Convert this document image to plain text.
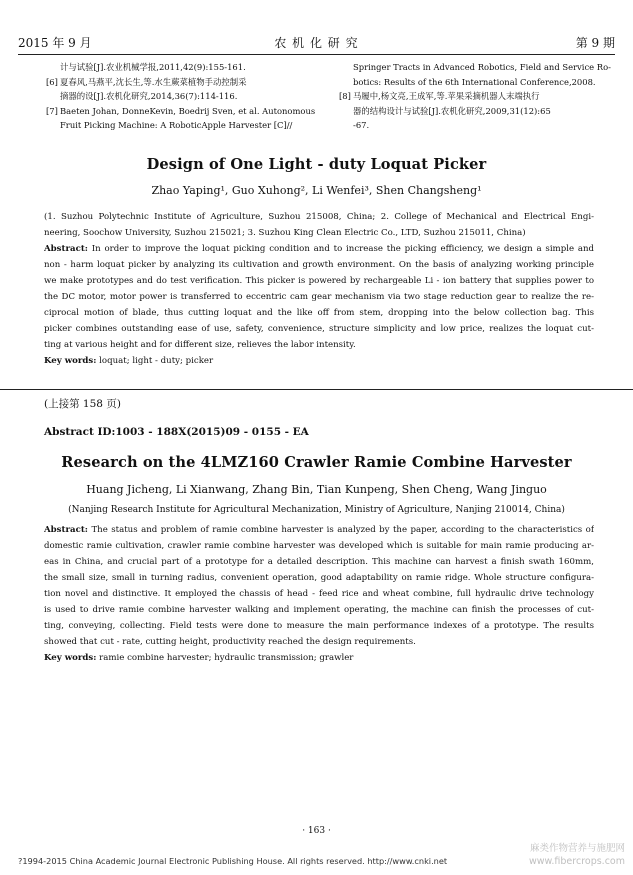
2015 年 9 月	农 机 化 研 究	第 9 期
计与试验[J].农业机械学报,2011,42(9):155-161.
[6] 夏春风,马燕平,沈长生,等.水生蕨菜植物手动控制采
摘器的设[J].农机化研究,2014,36(7):114-116.
[7] Baeten Johan, DonneKevin, Boedrij Sven, et al. Autonomous
Fruit Picking Machine: A RoboticApple Harvester [C]//
Springer Tracts in Advanced Robotics, Field and Service Ro-
botics: Results of the 6th International Conference,2008.
[8] 马履中,杨文亮,王成军,等.苹果采摘机器人末端执行
器的结构设计与试验[J].农机化研究,2009,31(12):65
-67.
Design of One Light - duty Loquat Picker
Zhao Yaping¹, Guo Xuhong², Li Wenfei³, Shen Changsheng¹
(1. Suzhou Polytechnic Institute of Agriculture, Suzhou 215008, China; 2. College of Mechanical and Electrical Engi-
neering, Soochow University, Suzhou 215021; 3. Suzhou King Clean Electric Co., LTD, Suzhou 215011, China)
Abstract: In order to improve the loquat picking condition and to increase the picking efficiency, we design a simple and
non - harm loquat picker by analyzing its cultivation and growth environment. On the basis of analyzing working principle
we make prototypes and do test verification. This picker is powered by rechargeable Li - ion battery that supplies power to
the DC motor, motor power is transferred to eccentric cam gear mechanism via two stage reduction gear to realize the re-
ciprocal motion of blade, thus cutting loquat and the like off from stem, dropping into the below collection bag. This
picker combines outstanding ease of use, safety, convenience, structure simplicity and low price, realizes the loquat cut-
ting at various height and for different size, relieves the labor intensity.
Key words: loquat; light - duty; picker
(上接第 158 页)
Abstract ID:1003 - 188X(2015)09 - 0155 - EA
Research on the 4LMZ160 Crawler Ramie Combine Harvester
Huang Jicheng, Li Xianwang, Zhang Bin, Tian Kunpeng, Shen Cheng, Wang Jinguo
(Nanjing Research Institute for Agricultural Mechanization, Ministry of Agriculture, Nanjing 210014, China)
Abstract: The status and problem of ramie combine harvester is analyzed by the paper, according to the characteristics of
domestic ramie cultivation, crawler ramie combine harvester was developed which is suitable for main ramie producing ar-
eas in China, and crucial part of a prototype for a detailed description. This machine can harvest a finish swath 160mm,
the small size, small in turning radius, convenient operation, good adaptability on ramie ridge. Whole structure configura-
tion novel and distinctive. It employed the chassis of head - feed rice and wheat combine, full hydraulic drive technology
is used to drive ramie combine harvester walking and implement operating, the machine can finish the processes of cut-
ting, conveying, collecting. Field tests were done to measure the main performance indexes of a prototype. The results
showed that cut - rate, cutting height, productivity reached the design requirements.
Key words: ramie combine harvester; hydraulic transmission; grawler
· 163 ·
?1994-2015 China Academic Journal Electronic Publishing House. All rights reserved. http://www.cnki.net
麻类作物营养与施肥网
www.fibercrops.com
